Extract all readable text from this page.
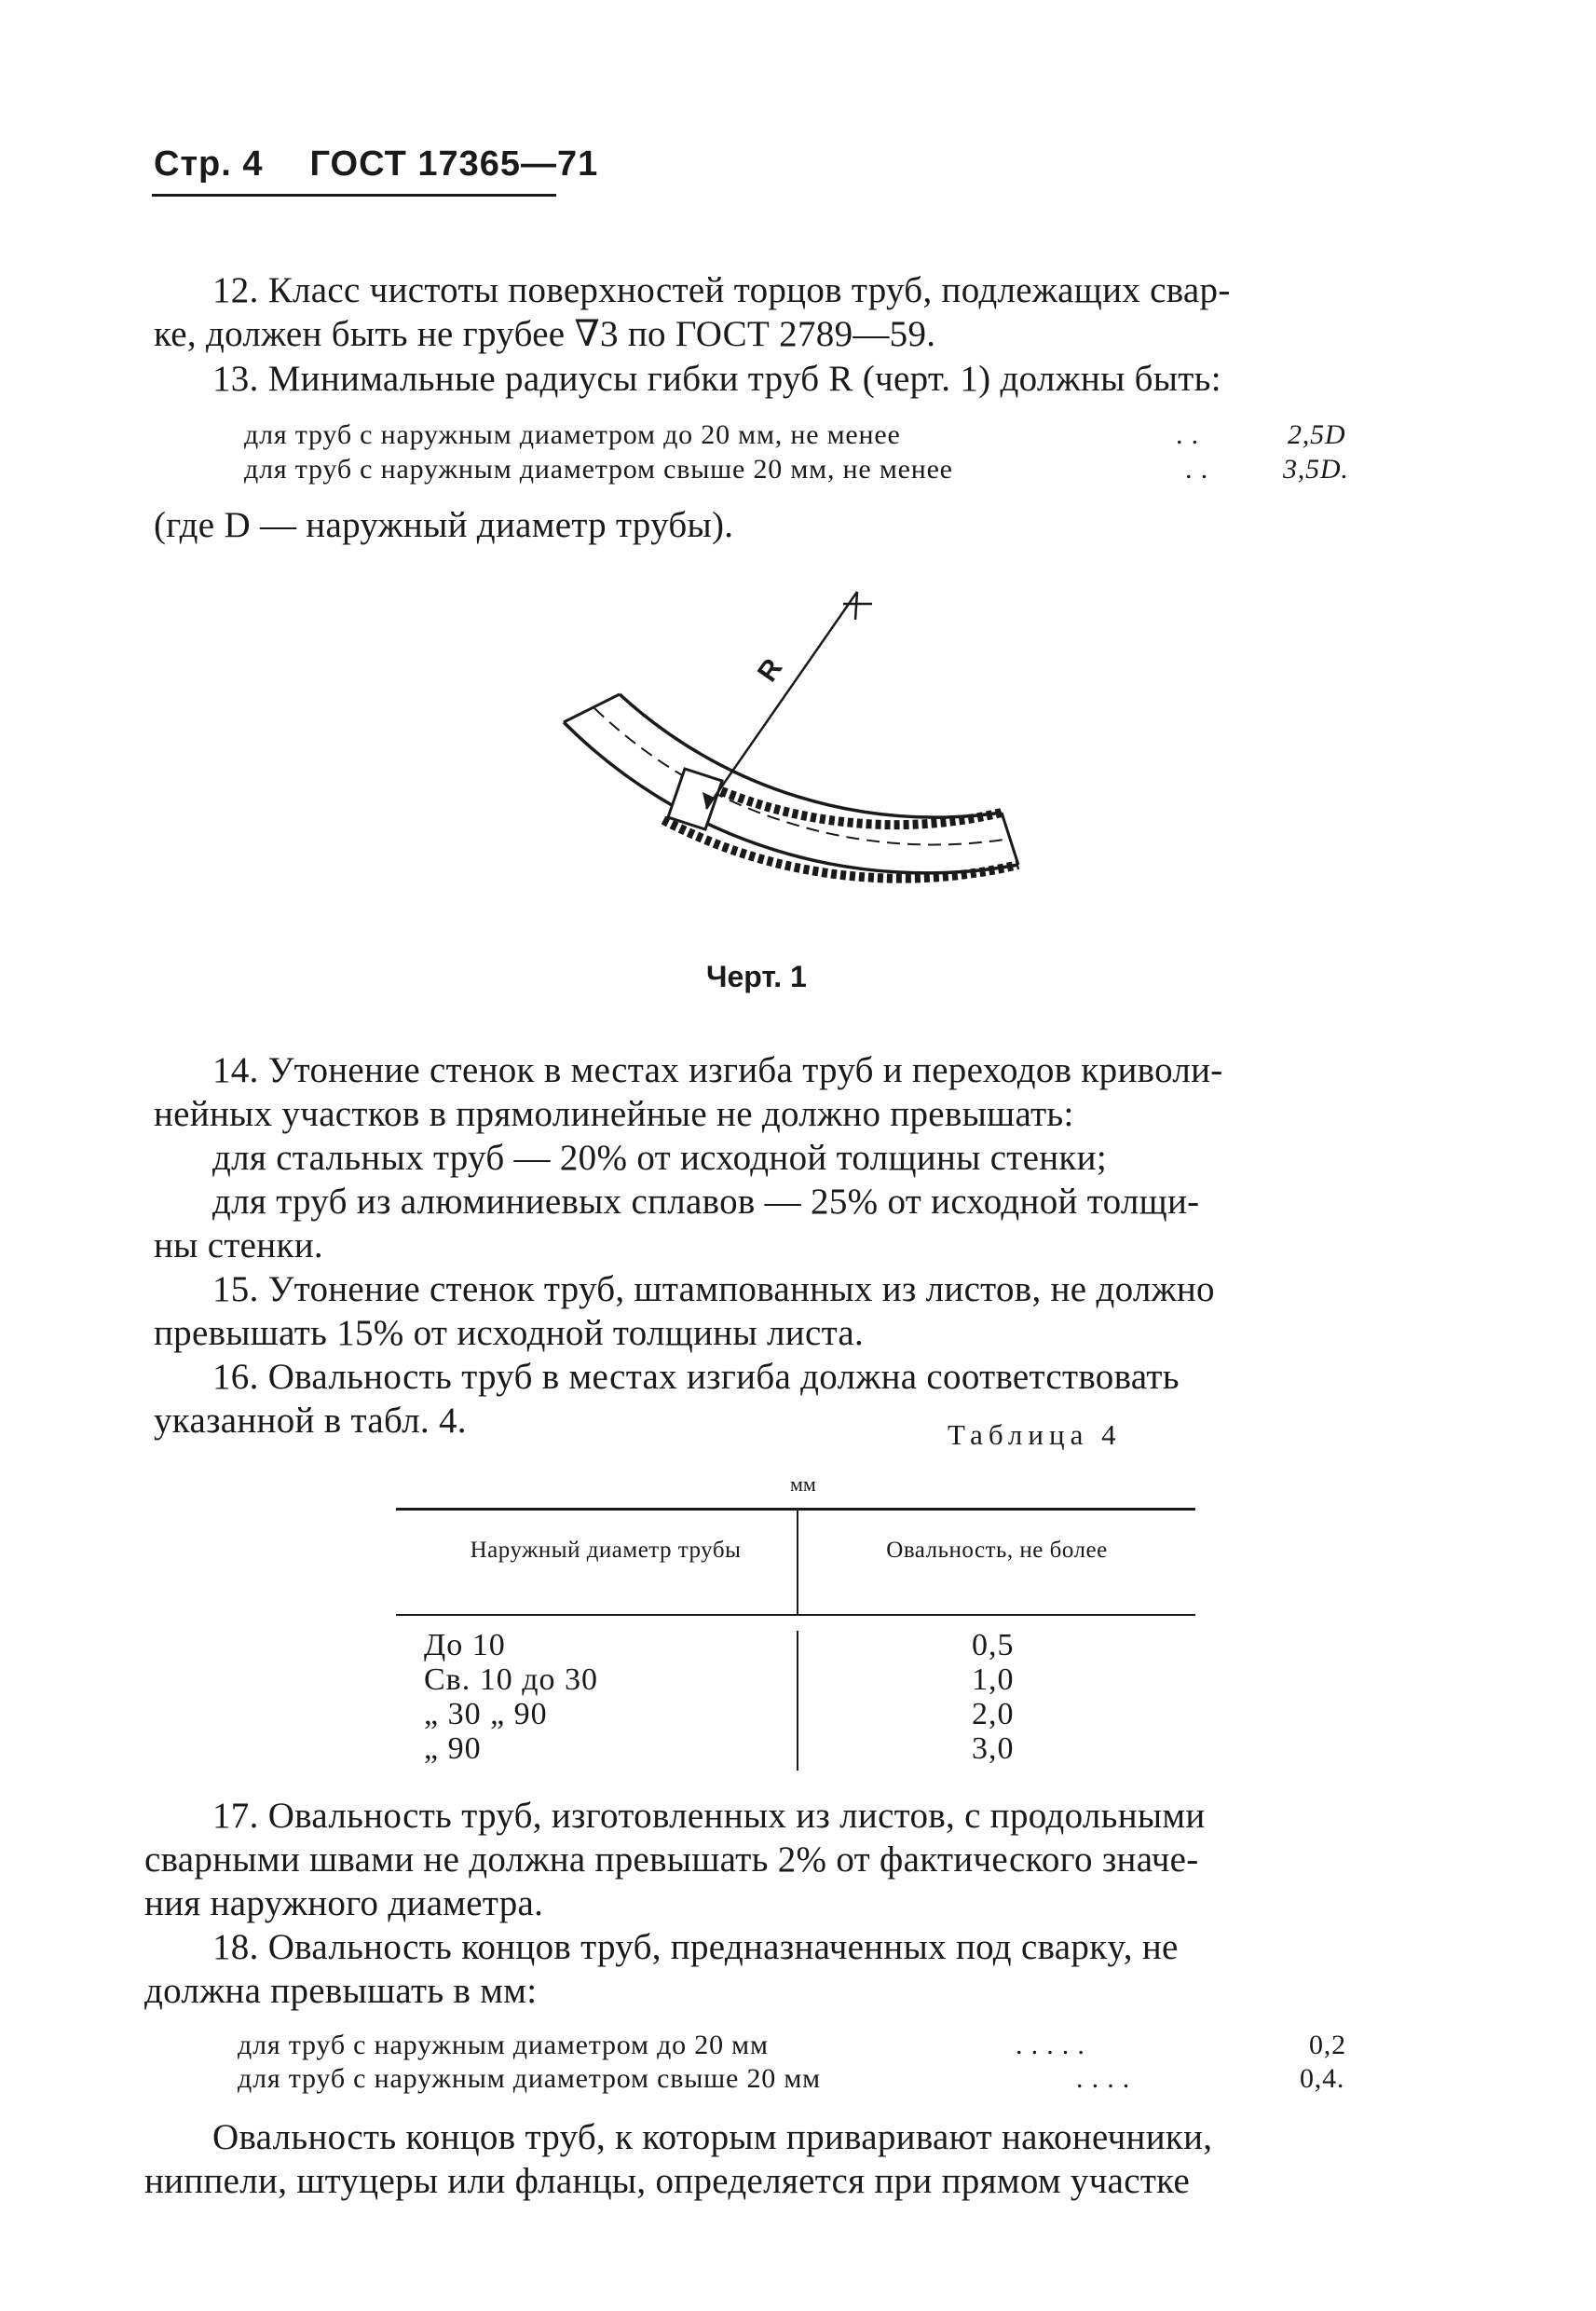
Стр. 4 ГОСТ 17365—71
12. Класс чистоты поверхностей торцов труб, подлежащих свар-
ке, должен быть не грубее ∇3 по ГОСТ 2789—59.
13. Минимальные радиусы гибки труб R (черт. 1) должны быть:
для труб с наружным диаметром до 20 мм, не менее	. .	2,5D
для труб с наружным диаметром свыше 20 мм, не менее	. .	3,5D.
(где D — наружный диаметр трубы).
R
Черт. 1
14. Утонение стенок в местах изгиба труб и переходов криволи-
нейных участков в прямолинейные не должно превышать:
для стальных труб — 20% от исходной толщины стенки;
для труб из алюминиевых сплавов — 25% от исходной толщи-
ны стенки.
15. Утонение стенок труб, штампованных из листов, не должно
превышать 15% от исходной толщины листа.
16. Овальность труб в местах изгиба должна соответствовать
указанной в табл. 4.	Таблица 4
мм
Наружный диаметр трубы	Овальность, не более
До 10	0,5
Св. 10 до 30	1,0
„ 30 „ 90	2,0
„ 90	3,0
17. Овальность труб, изготовленных из листов, с продольными
сварными швами не должна превышать 2% от фактического значе-
ния наружного диаметра.
18. Овальность концов труб, предназначенных под сваркy, не
должна превышать в мм:
для труб с наружным диаметром до 20 мм	. . . . .	0,2
для труб с наружным диаметром свыше 20 мм	. . . .	0,4.
Овальность концов труб, к которым приваривают наконечники,
ниппели, штуцеры или фланцы, определяется при прямом участке
